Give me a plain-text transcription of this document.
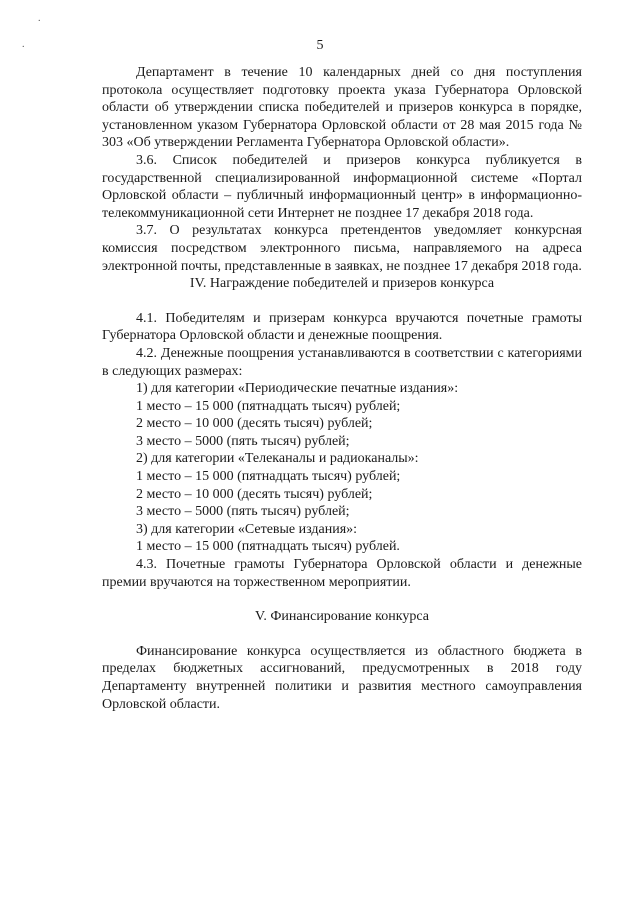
.
.	5

Департамент в течение 10 календарных дней со дня поступления протокола осуществляет подготовку проекта указа Губернатора Орловской области об утверждении списка победителей и призеров конкурса в порядке, установленном указом Губернатора Орловской области от 28 мая 2015 года № 303 «Об утверждении Регламента Губернатора Орловской области».

3.6. Список победителей и призеров конкурса публикуется в государственной специализированной информационной системе «Портал Орловской области – публичный информационный центр» в информационно-телекоммуникационной сети Интернет не позднее 17 декабря 2018 года.

3.7. О результатах конкурса претендентов уведомляет конкурсная комиссия посредством электронного письма, направляемого на адреса электронной почты, представленные в заявках, не позднее 17 декабря 2018 года.

IV. Награждение победителей и призеров конкурса

4.1. Победителям и призерам конкурса вручаются почетные грамоты Губернатора Орловской области и денежные поощрения.

4.2. Денежные поощрения устанавливаются в соответствии с категориями в следующих размерах:

1) для категории «Периодические печатные издания»:

1 место – 15 000 (пятнадцать тысяч) рублей;

2 место – 10 000 (десять тысяч) рублей;

3 место – 5000 (пять тысяч) рублей;

2) для категории «Телеканалы и радиоканалы»:

1 место – 15 000 (пятнадцать тысяч) рублей;

2 место – 10 000 (десять тысяч) рублей;

3 место – 5000 (пять тысяч) рублей;

3) для категории «Сетевые издания»:

1 место – 15 000 (пятнадцать тысяч) рублей.

4.3. Почетные грамоты Губернатора Орловской области и денежные премии вручаются на торжественном мероприятии.

V. Финансирование конкурса

Финансирование конкурса осуществляется из областного бюджета в пределах бюджетных ассигнований, предусмотренных в 2018 году Департаменту внутренней политики и развития местного самоуправления Орловской области.
